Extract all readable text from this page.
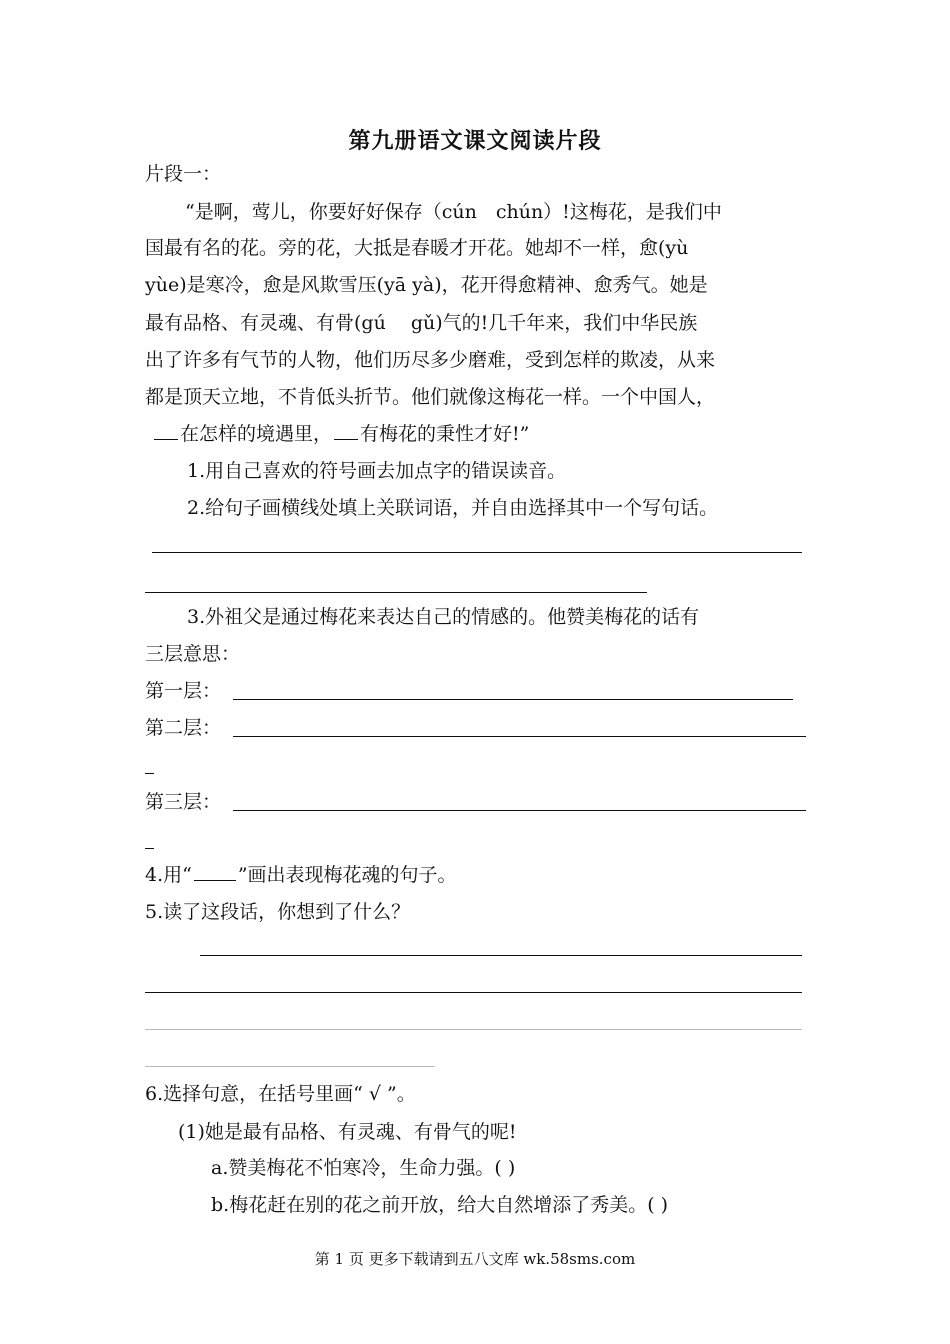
第九册语文课文阅读片段
片段一：
“是啊，莺儿，你要好好保存（cún　chún）!这梅花，是我们中
国最有名的花。旁的花，大抵是春暖才开花。她却不一样，愈(yù
yùe)是寒冷，愈是风欺雪压(yā yà)，花开得愈精神、愈秀气。她是
最有品格、有灵魂、有骨(gú　 gǔ)气的!几千年来，我们中华民族
出了许多有气节的人物，他们历尽多少磨难，受到怎样的欺凌，从来
都是顶天立地，不肯低头折节。他们就像这梅花一样。一个中国人，
在怎样的境遇里， 有梅花的秉性才好!”
1.用自己喜欢的符号画去加点字的错误读音。
2.给句子画横线处填上关联词语，并自由选择其中一个写句话。
3.外祖父是通过梅花来表达自己的情感的。他赞美梅花的话有
三层意思：
第一层：
第二层：
第三层：
4.用“ ”画出表现梅花魂的句子。
5.读了这段话，你想到了什么？
6.选择句意，在括号里画“ √ ”。
(1)她是最有品格、有灵魂、有骨气的呢!
a.赞美梅花不怕寒冷，生命力强。( )
b.梅花赶在别的花之前开放，给大自然增添了秀美。( )
第 1 页 更多下载请到五八文库 wk.58sms.com
